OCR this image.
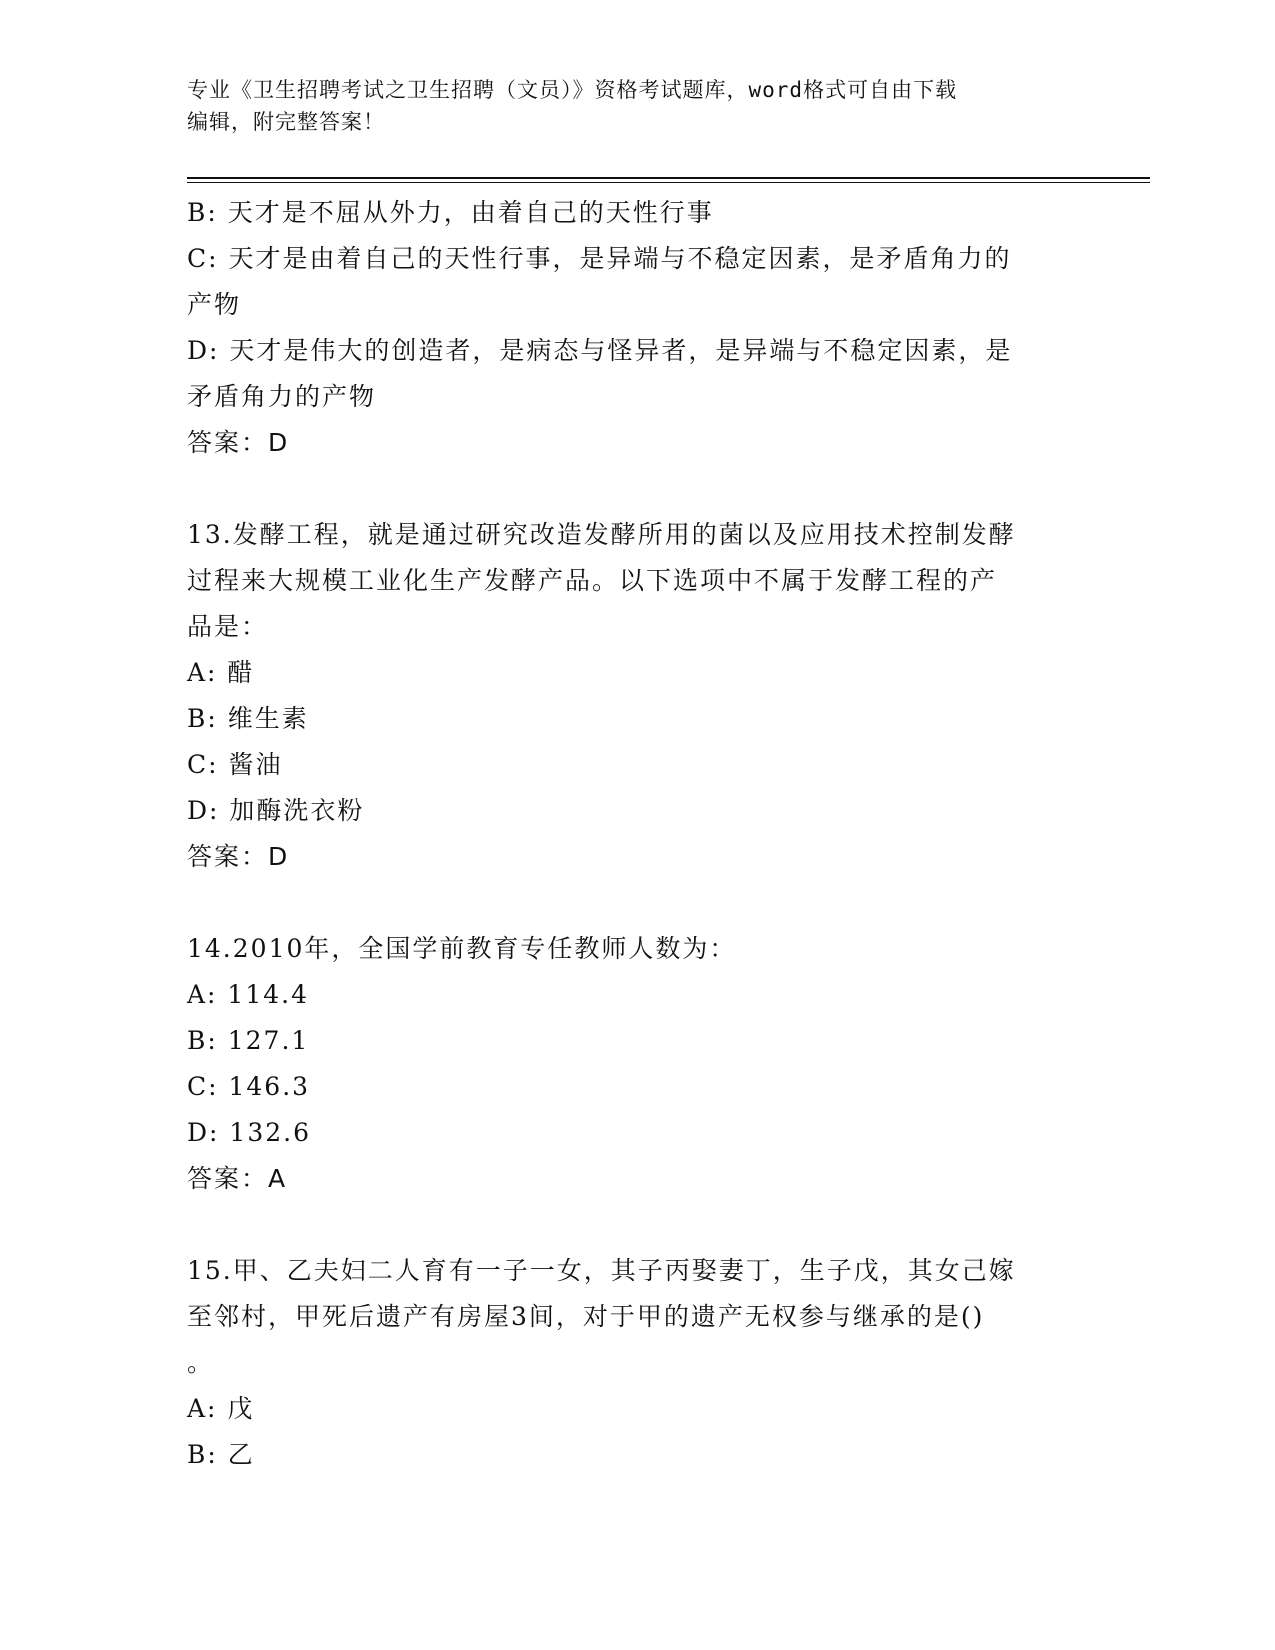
专业《卫生招聘考试之卫生招聘（文员）》资格考试题库，word格式可自由下载
编辑，附完整答案！
B: 天才是不屈从外力，由着自己的天性行事
C: 天才是由着自己的天性行事，是异端与不稳定因素，是矛盾角力的
产物
D: 天才是伟大的创造者，是病态与怪异者，是异端与不稳定因素，是
矛盾角力的产物
答案：D
13.发酵工程，就是通过研究改造发酵所用的菌以及应用技术控制发酵
过程来大规模工业化生产发酵产品。以下选项中不属于发酵工程的产
品是：
A: 醋
B: 维生素
C: 酱油
D: 加酶洗衣粉
答案：D
14.2010年，全国学前教育专任教师人数为：
A: 114.4
B: 127.1
C: 146.3
D: 132.6
答案：A
15.甲、乙夫妇二人育有一子一女，其子丙娶妻丁，生子戊，其女己嫁
至邻村，甲死后遗产有房屋3间，对于甲的遗产无权参与继承的是()
。
A: 戊
B: 乙
